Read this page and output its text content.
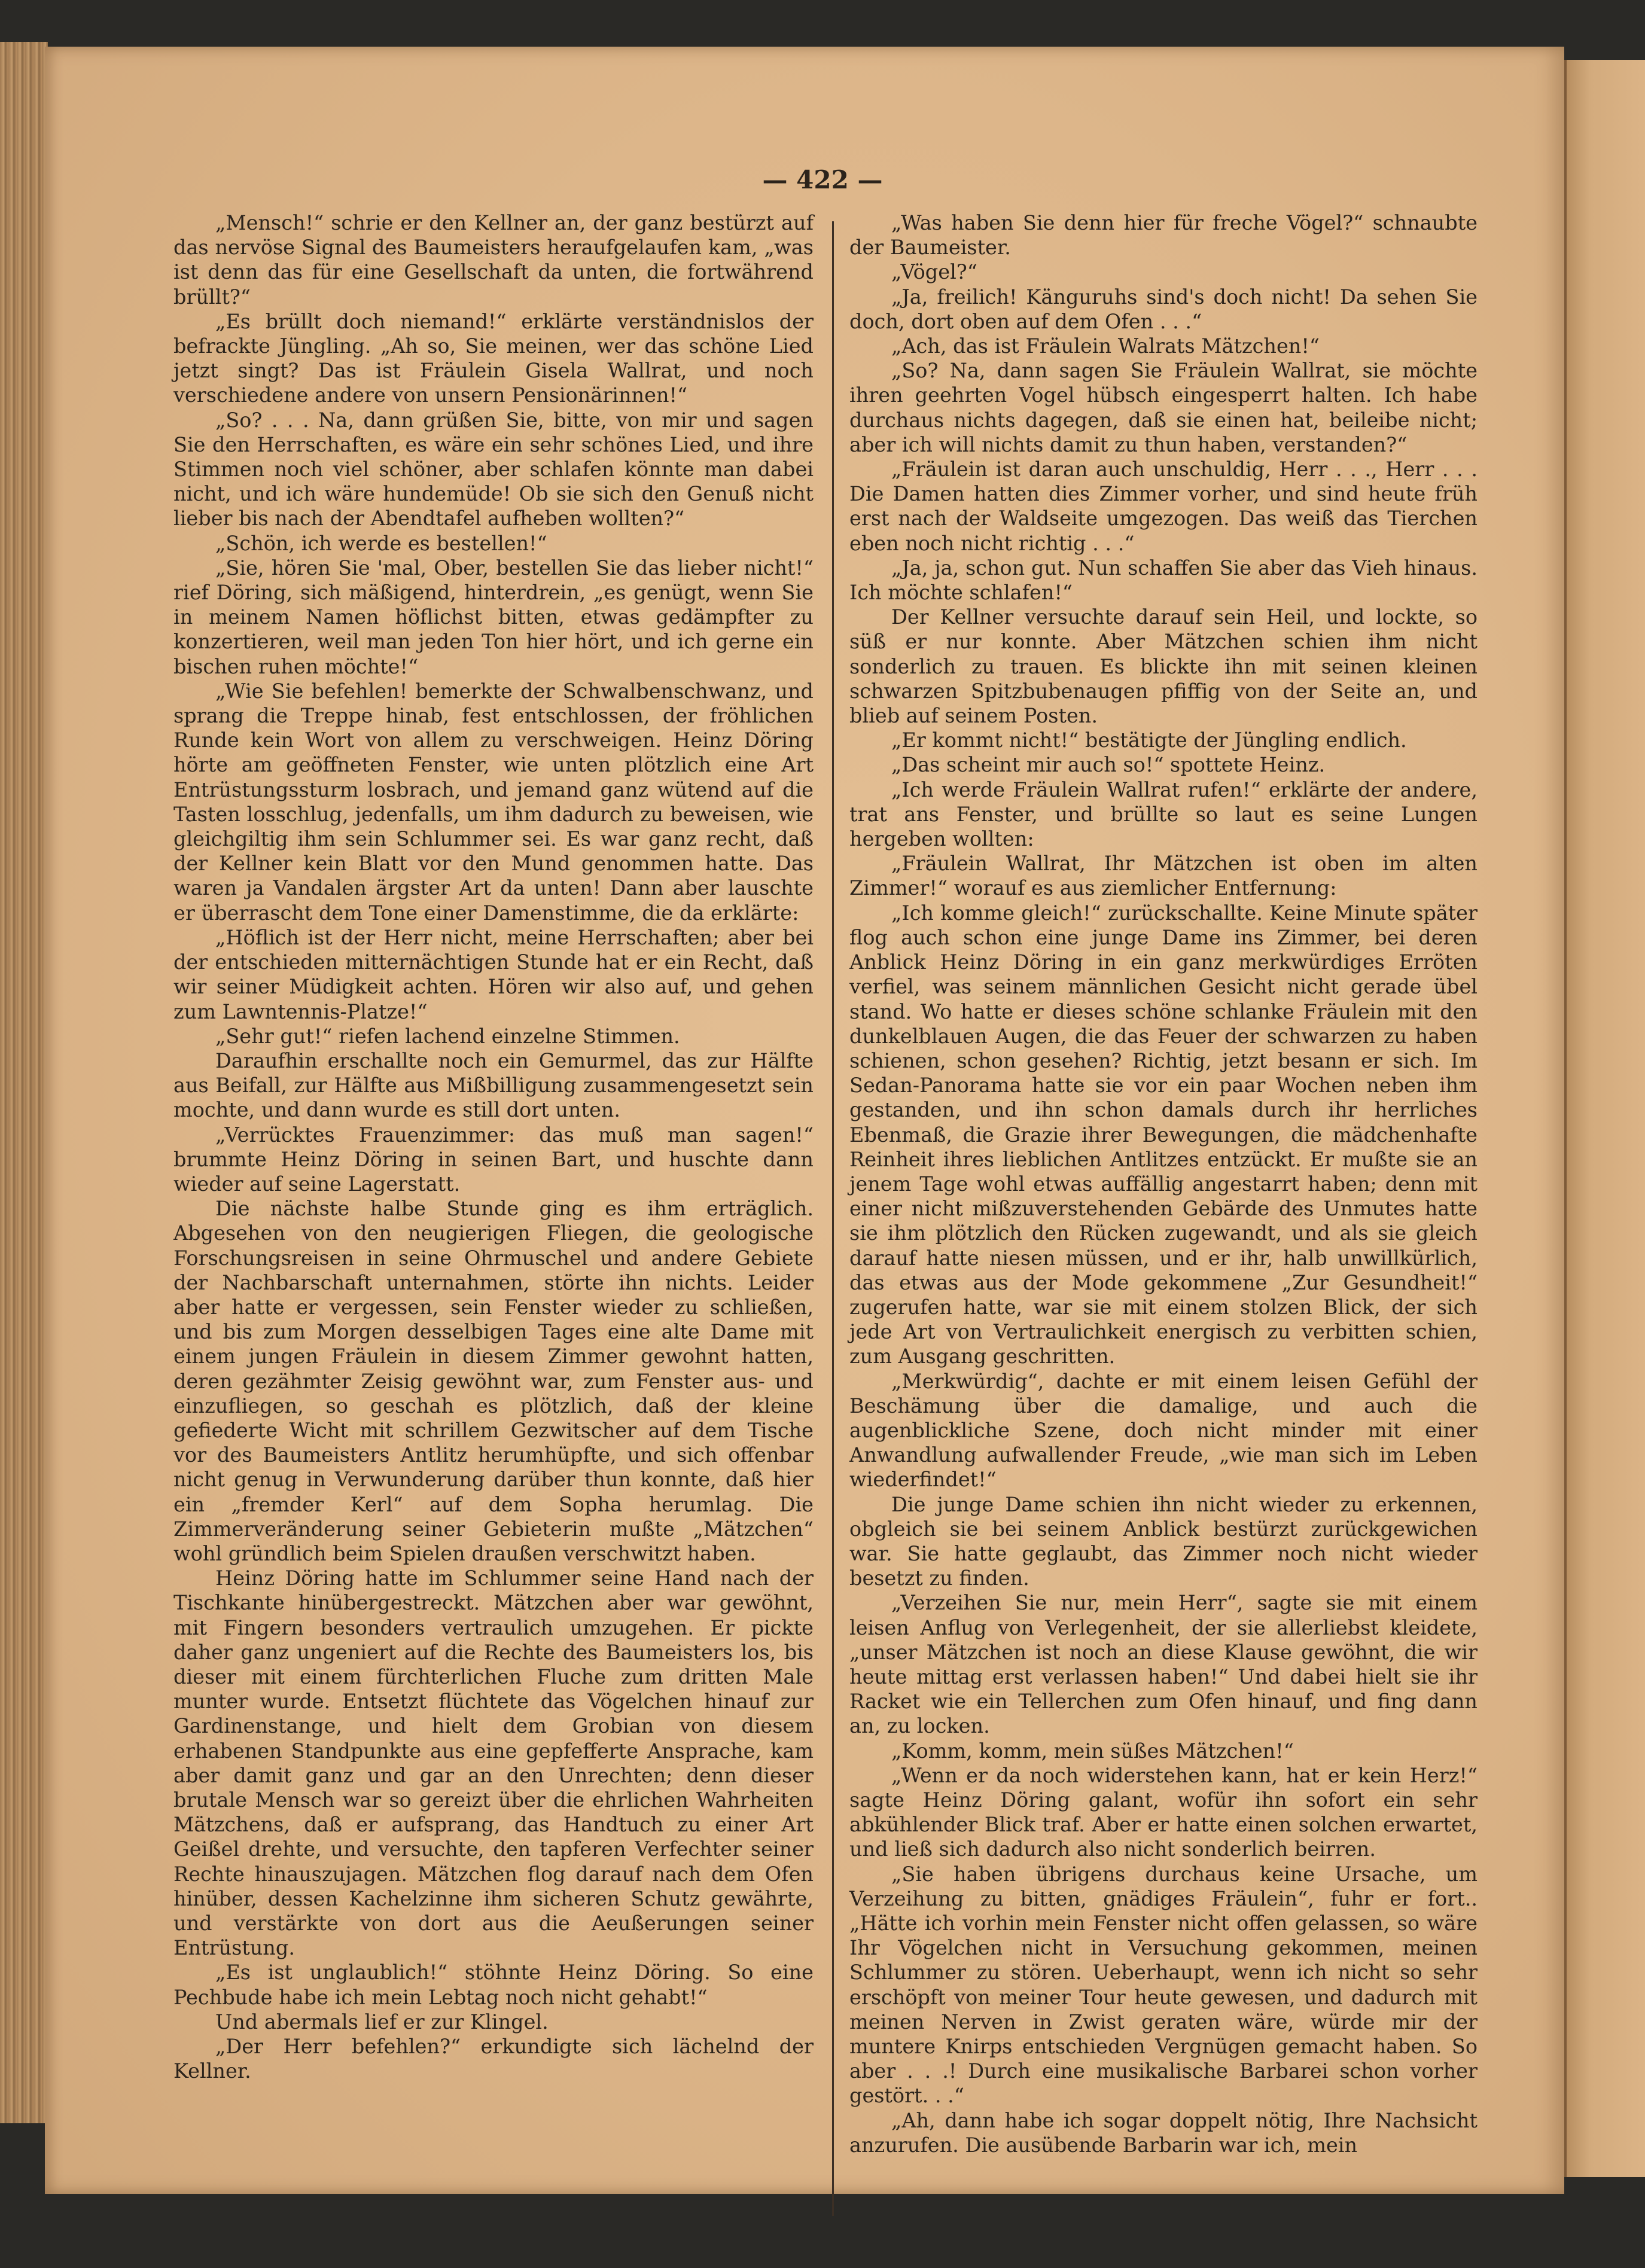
— 422 —

„Mensch!“ schrie er den Kellner an, der ganz bestürzt auf das nervöse Signal des Baumeisters heraufgelaufen kam, „was ist denn das für eine Gesellschaft da unten, die fortwährend brüllt?“

„Es brüllt doch niemand!“ erklärte verständnislos der befrackte Jüngling. „Ah so, Sie meinen, wer das schöne Lied jetzt singt? Das ist Fräulein Gisela Wallrat, und noch verschiedene andere von unsern Pensionärinnen!“

„So? . . . Na, dann grüßen Sie, bitte, von mir und sagen Sie den Herrschaften, es wäre ein sehr schönes Lied, und ihre Stimmen noch viel schöner, aber schlafen könnte man dabei nicht, und ich wäre hundemüde! Ob sie sich den Genuß nicht lieber bis nach der Abendtafel aufheben wollten?“

„Schön, ich werde es bestellen!“

„Sie, hören Sie 'mal, Ober, bestellen Sie das lieber nicht!“ rief Döring, sich mäßigend, hinterdrein, „es genügt, wenn Sie in meinem Namen höflichst bitten, etwas gedämpfter zu konzertieren, weil man jeden Ton hier hört, und ich gerne ein bischen ruhen möchte!“

„Wie Sie befehlen! bemerkte der Schwalbenschwanz, und sprang die Treppe hinab, fest entschlossen, der fröhlichen Runde kein Wort von allem zu verschweigen. Heinz Döring hörte am geöffneten Fenster, wie unten plötzlich eine Art Entrüstungssturm losbrach, und jemand ganz wütend auf die Tasten losschlug, jedenfalls, um ihm dadurch zu beweisen, wie gleichgiltig ihm sein Schlummer sei. Es war ganz recht, daß der Kellner kein Blatt vor den Mund genommen hatte. Das waren ja Vandalen ärgster Art da unten! Dann aber lauschte er überrascht dem Tone einer Damenstimme, die da erklärte:

„Höflich ist der Herr nicht, meine Herrschaften; aber bei der entschieden mitternächtigen Stunde hat er ein Recht, daß wir seiner Müdigkeit achten. Hören wir also auf, und gehen zum Lawntennis-Platze!“

„Sehr gut!“ riefen lachend einzelne Stimmen.

Daraufhin erschallte noch ein Gemurmel, das zur Hälfte aus Beifall, zur Hälfte aus Mißbilligung zusammengesetzt sein mochte, und dann wurde es still dort unten.

„Verrücktes Frauenzimmer: das muß man sagen!“ brummte Heinz Döring in seinen Bart, und huschte dann wieder auf seine Lagerstatt.

Die nächste halbe Stunde ging es ihm erträglich. Abgesehen von den neugierigen Fliegen, die geologische Forschungsreisen in seine Ohrmuschel und andere Gebiete der Nachbarschaft unternahmen, störte ihn nichts. Leider aber hatte er vergessen, sein Fenster wieder zu schließen, und bis zum Morgen desselbigen Tages eine alte Dame mit einem jungen Fräulein in diesem Zimmer gewohnt hatten, deren gezähmter Zeisig gewöhnt war, zum Fenster aus- und einzufliegen, so geschah es plötzlich, daß der kleine gefiederte Wicht mit schrillem Gezwitscher auf dem Tische vor des Baumeisters Antlitz herumhüpfte, und sich offenbar nicht genug in Verwunderung darüber thun konnte, daß hier ein „fremder Kerl“ auf dem Sopha herumlag. Die Zimmerveränderung seiner Gebieterin mußte „Mätzchen“ wohl gründlich beim Spielen draußen verschwitzt haben.

Heinz Döring hatte im Schlummer seine Hand nach der Tischkante hinübergestreckt. Mätzchen aber war gewöhnt, mit Fingern besonders vertraulich umzugehen. Er pickte daher ganz ungeniert auf die Rechte des Baumeisters los, bis dieser mit einem fürchterlichen Fluche zum dritten Male munter wurde. Entsetzt flüchtete das Vögelchen hinauf zur Gardinenstange, und hielt dem Grobian von diesem erhabenen Standpunkte aus eine gepfefferte Ansprache, kam aber damit ganz und gar an den Unrechten; denn dieser brutale Mensch war so gereizt über die ehrlichen Wahrheiten Mätzchens, daß er aufsprang, das Handtuch zu einer Art Geißel drehte, und versuchte, den tapferen Verfechter seiner Rechte hinauszujagen. Mätzchen flog darauf nach dem Ofen hinüber, dessen Kachelzinne ihm sicheren Schutz gewährte, und verstärkte von dort aus die Aeußerungen seiner Entrüstung.

„Es ist unglaublich!“ stöhnte Heinz Döring. So eine Pechbude habe ich mein Lebtag noch nicht gehabt!“

Und abermals lief er zur Klingel.

„Der Herr befehlen?“ erkundigte sich lächelnd der Kellner.

„Was haben Sie denn hier für freche Vögel?“ schnaubte der Baumeister.

„Vögel?“

„Ja, freilich! Känguruhs sind's doch nicht! Da sehen Sie doch, dort oben auf dem Ofen . . .“

„Ach, das ist Fräulein Walrats Mätzchen!“

„So? Na, dann sagen Sie Fräulein Wallrat, sie möchte ihren geehrten Vogel hübsch eingesperrt halten. Ich habe durchaus nichts dagegen, daß sie einen hat, beileibe nicht; aber ich will nichts damit zu thun haben, verstanden?“

„Fräulein ist daran auch unschuldig, Herr . . ., Herr . . . Die Damen hatten dies Zimmer vorher, und sind heute früh erst nach der Waldseite umgezogen. Das weiß das Tierchen eben noch nicht richtig . . .“

„Ja, ja, schon gut. Nun schaffen Sie aber das Vieh hinaus. Ich möchte schlafen!“

Der Kellner versuchte darauf sein Heil, und lockte, so süß er nur konnte. Aber Mätzchen schien ihm nicht sonderlich zu trauen. Es blickte ihn mit seinen kleinen schwarzen Spitzbubenaugen pfiffig von der Seite an, und blieb auf seinem Posten.

„Er kommt nicht!“ bestätigte der Jüngling endlich.

„Das scheint mir auch so!“ spottete Heinz.

„Ich werde Fräulein Wallrat rufen!“ erklärte der andere, trat ans Fenster, und brüllte so laut es seine Lungen hergeben wollten:

„Fräulein Wallrat, Ihr Mätzchen ist oben im alten Zimmer!“ worauf es aus ziemlicher Entfernung:

„Ich komme gleich!“ zurückschallte. Keine Minute später flog auch schon eine junge Dame ins Zimmer, bei deren Anblick Heinz Döring in ein ganz merkwürdiges Erröten verfiel, was seinem männlichen Gesicht nicht gerade übel stand. Wo hatte er dieses schöne schlanke Fräulein mit den dunkelblauen Augen, die das Feuer der schwarzen zu haben schienen, schon gesehen? Richtig, jetzt besann er sich. Im Sedan-Panorama hatte sie vor ein paar Wochen neben ihm gestanden, und ihn schon damals durch ihr herrliches Ebenmaß, die Grazie ihrer Bewegungen, die mädchenhafte Reinheit ihres lieblichen Antlitzes entzückt. Er mußte sie an jenem Tage wohl etwas auffällig angestarrt haben; denn mit einer nicht mißzuverstehenden Gebärde des Unmutes hatte sie ihm plötzlich den Rücken zugewandt, und als sie gleich darauf hatte niesen müssen, und er ihr, halb unwillkürlich, das etwas aus der Mode gekommene „Zur Gesundheit!“ zugerufen hatte, war sie mit einem stolzen Blick, der sich jede Art von Vertraulichkeit energisch zu verbitten schien, zum Ausgang geschritten.

„Merkwürdig“, dachte er mit einem leisen Gefühl der Beschämung über die damalige, und auch die augenblickliche Szene, doch nicht minder mit einer Anwandlung aufwallender Freude, „wie man sich im Leben wiederfindet!“

Die junge Dame schien ihn nicht wieder zu erkennen, obgleich sie bei seinem Anblick bestürzt zurückgewichen war. Sie hatte geglaubt, das Zimmer noch nicht wieder besetzt zu finden.

„Verzeihen Sie nur, mein Herr“, sagte sie mit einem leisen Anflug von Verlegenheit, der sie allerliebst kleidete, „unser Mätzchen ist noch an diese Klause gewöhnt, die wir heute mittag erst verlassen haben!“ Und dabei hielt sie ihr Racket wie ein Tellerchen zum Ofen hinauf, und fing dann an, zu locken.

„Komm, komm, mein süßes Mätzchen!“

„Wenn er da noch widerstehen kann, hat er kein Herz!“ sagte Heinz Döring galant, wofür ihn sofort ein sehr abkühlender Blick traf. Aber er hatte einen solchen erwartet, und ließ sich dadurch also nicht sonderlich beirren.

„Sie haben übrigens durchaus keine Ursache, um Verzeihung zu bitten, gnädiges Fräulein“, fuhr er fort.. „Hätte ich vorhin mein Fenster nicht offen gelassen, so wäre Ihr Vögelchen nicht in Versuchung gekommen, meinen Schlummer zu stören. Ueberhaupt, wenn ich nicht so sehr erschöpft von meiner Tour heute gewesen, und dadurch mit meinen Nerven in Zwist geraten wäre, würde mir der muntere Knirps entschieden Vergnügen gemacht haben. So aber . . .! Durch eine musikalische Barbarei schon vorher gestört. . .“

„Ah, dann habe ich sogar doppelt nötig, Ihre Nachsicht anzurufen. Die ausübende Barbarin war ich, mein
